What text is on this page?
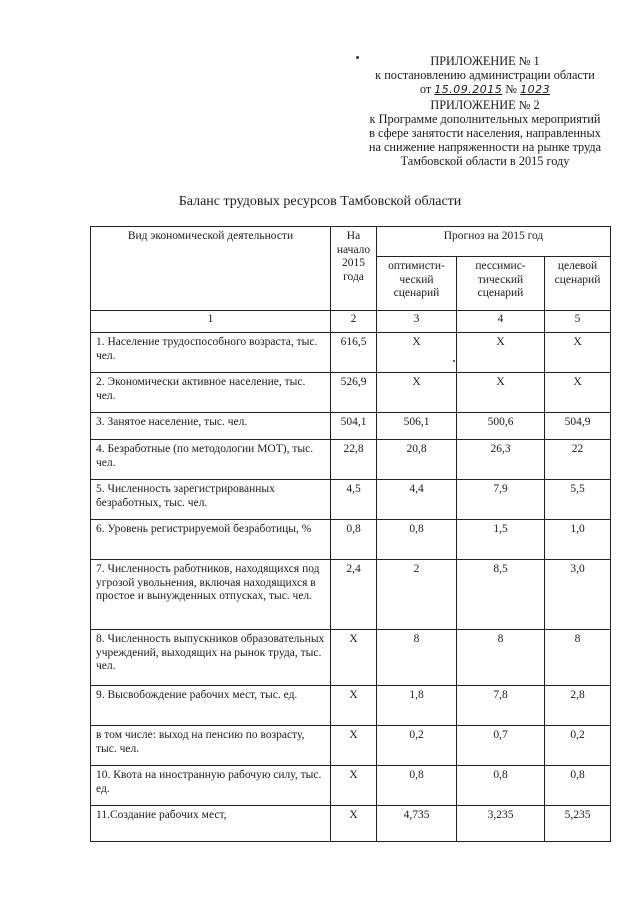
ПРИЛОЖЕНИЕ № 1
к постановлению администрации области
от 15.09.2015 № 1023
ПРИЛОЖЕНИЕ № 2
к Программе дополнительных мероприятий
в сфере занятости населения, направленных
на снижение напряженности на рынке труда
Тамбовской области в 2015 году
Баланс трудовых ресурсов Тамбовской области
Вид экономической деятельности	На начало 2015 года	Прогноз на 2015 год		
		оптимисти-ческий сценарий	пессимис-тический сценарий	целевой сценарий
1	2	3	4	5
1. Население трудоспособного возраста, тыс. чел.	616,5	X	X	X
2. Экономически активное население, тыс. чел.	526,9	X	X	X
3. Занятое население, тыс. чел.	504,1	506,1	500,6	504,9
4. Безработные (по методологии МОТ), тыс. чел.	22,8	20,8	26,3	22
5. Численность зарегистрированных безработных, тыс. чел.	4,5	4,4	7,9	5,5
6. Уровень регистрируемой безработицы, %	0,8	0,8	1,5	1,0
7. Численность работников, находящихся под угрозой увольнения, включая находящихся в простое и вынужденных отпусках, тыс. чел.	2,4	2	8,5	3,0
8. Численность выпускников образовательных учреждений, выходящих на рынок труда, тыс. чел.	X	8	8	8
9. Высвобождение рабочих мест, тыс. ед.	X	1,8	7,8	2,8
в том числе: выход на пенсию по возрасту, тыс. чел.	X	0,2	0,7	0,2
10. Квота на иностранную рабочую силу, тыс. ед.	X	0,8	0,8	0,8
11.Создание рабочих мест,	X	4,735	3,235	5,235
